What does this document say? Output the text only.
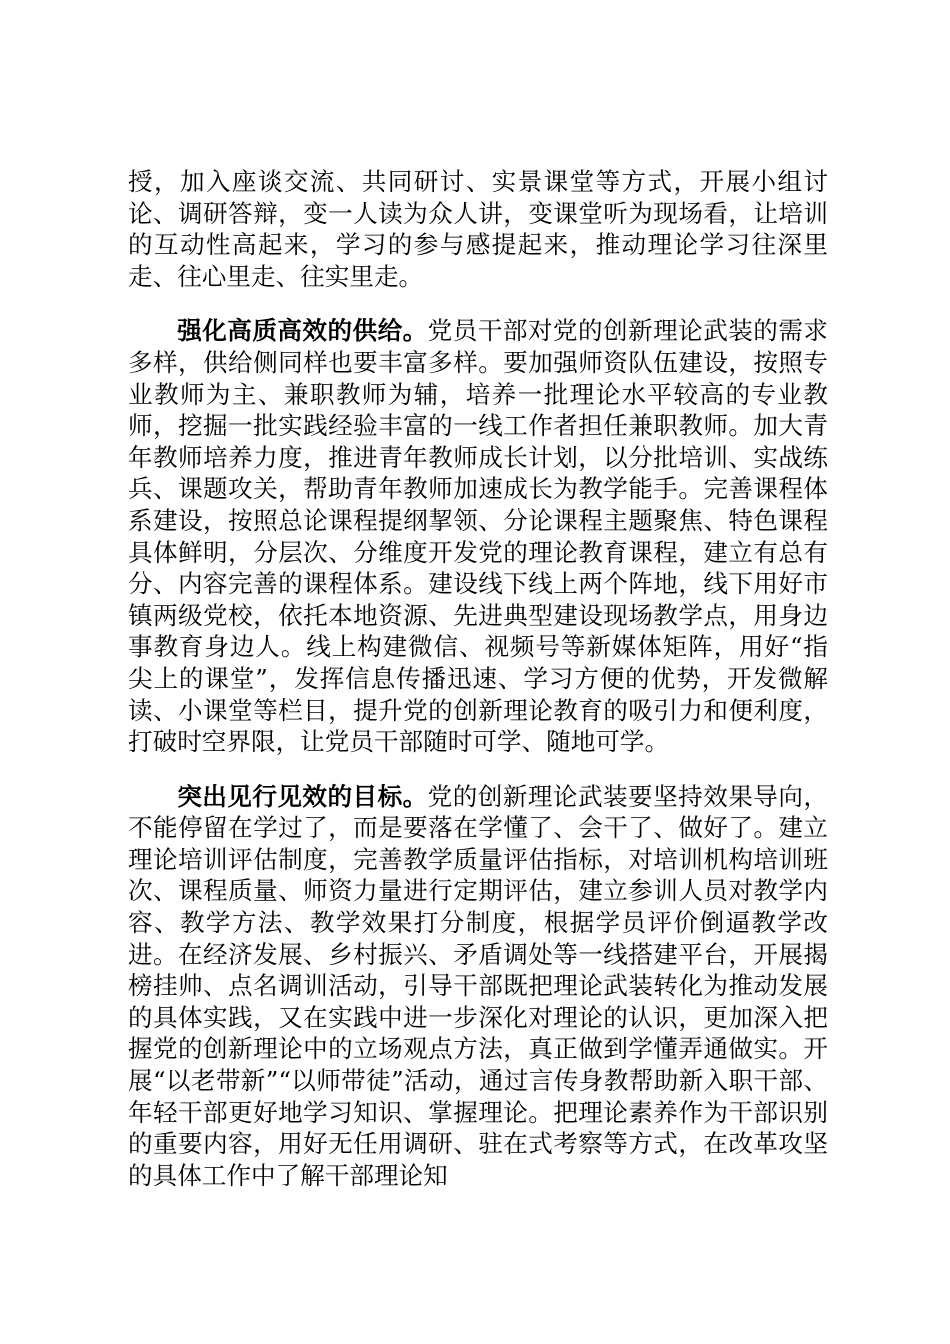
授，加入座谈交流、共同研讨、实景课堂等方式，开展小组讨论、调研答辩，变一人读为众人讲，变课堂听为现场看，让培训的互动性高起来，学习的参与感提起来，推动理论学习往深里走、往心里走、往实里走。

强化高质高效的供给。党员干部对党的创新理论武装的需求多样，供给侧同样也要丰富多样。要加强师资队伍建设，按照专业教师为主、兼职教师为辅，培养一批理论水平较高的专业教师，挖掘一批实践经验丰富的一线工作者担任兼职教师。加大青年教师培养力度，推进青年教师成长计划，以分批培训、实战练兵、课题攻关，帮助青年教师加速成长为教学能手。完善课程体系建设，按照总论课程提纲挈领、分论课程主题聚焦、特色课程具体鲜明，分层次、分维度开发党的理论教育课程，建立有总有分、内容完善的课程体系。建设线下线上两个阵地，线下用好市镇两级党校，依托本地资源、先进典型建设现场教学点，用身边事教育身边人。线上构建微信、视频号等新媒体矩阵，用好“指尖上的课堂”，发挥信息传播迅速、学习方便的优势，开发微解读、小课堂等栏目，提升党的创新理论教育的吸引力和便利度，打破时空界限，让党员干部随时可学、随地可学。

突出见行见效的目标。党的创新理论武装要坚持效果导向，不能停留在学过了，而是要落在学懂了、会干了、做好了。建立理论培训评估制度，完善教学质量评估指标，对培训机构培训班次、课程质量、师资力量进行定期评估，建立参训人员对教学内容、教学方法、教学效果打分制度，根据学员评价倒逼教学改进。在经济发展、乡村振兴、矛盾调处等一线搭建平台，开展揭榜挂帅、点名调训活动，引导干部既把理论武装转化为推动发展的具体实践，又在实践中进一步深化对理论的认识，更加深入把握党的创新理论中的立场观点方法，真正做到学懂弄通做实。开展“以老带新”“以师带徒”活动，通过言传身教帮助新入职干部、年轻干部更好地学习知识、掌握理论。把理论素养作为干部识别的重要内容，用好无任用调研、驻在式考察等方式，在改革攻坚的具体工作中了解干部理论知
